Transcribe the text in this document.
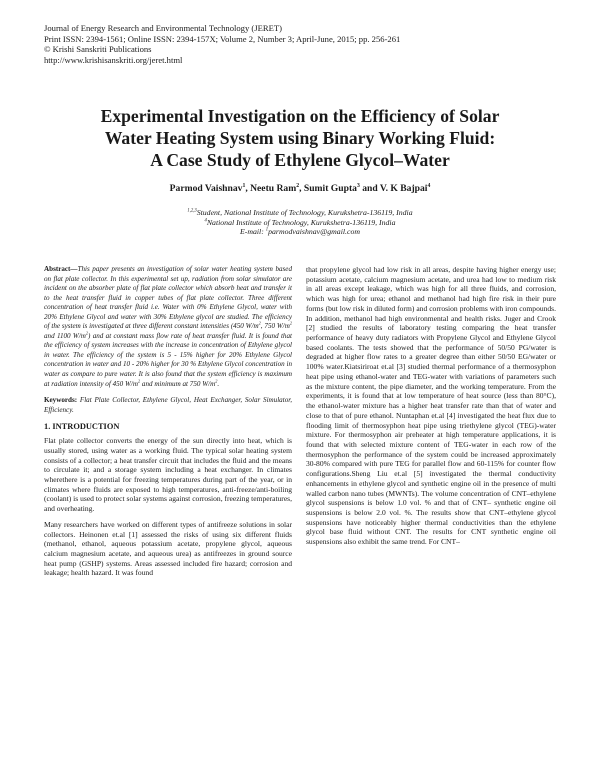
Journal of Energy Research and Environmental Technology (JERET)
Print ISSN: 2394-1561; Online ISSN: 2394-157X; Volume 2, Number 3; April-June, 2015; pp. 256-261
© Krishi Sanskriti Publications
http://www.krishisanskriti.org/jeret.html
Experimental Investigation on the Efficiency of Solar
Water Heating System using Binary Working Fluid:
A Case Study of Ethylene Glycol–Water
Parmod Vaishnav$^1$, Neetu Ram$^2$, Sumit Gupta$^3$ and V. K Bajpai$^4$
$^{1,2,3}$Student, National Institute of Technology, Kurukshetra-136119, India
$^4$National Institute of Technology, Kurukshetra-136119, India
E-mail: $^1$parmodvaishnav@gmail.com
Abstract—This paper presents an investigation of solar water heating system based on flat plate collector. In this experimental set up, radiation from solar simulator are incident on the absorber plate of flat plate collector which absorb heat and transfer it to the heat transfer fluid in copper tubes of flat plate collector. Three different concentration of heat transfer fluid i.e. Water with 0% Ethylene Glycol, water with 20% Ethylene Glycol and water with 30% Ethylene glycol are studied. The efficiency of the system is investigated at three different constant intensities (450 $W/m^2$, 750 $W/m^2$ and 1100 $W/m^2$) and at constant mass flow rate of heat transfer fluid. It is found that the efficiency of system increases with the increase in concentration of Ethylene glycol in water. The efficiency of the system is 5 - 15% higher for 20% Ethylene Glycol concentration in water and 10 - 20% higher for 30 % Ethylene Glycol concentration in water as compare to pure water. It is also found that the system efficiency is maximum at radiation intensity of 450 $W/m^2$ and minimum at 750 $W/m^2$.
Keywords: Flat Plate Collector, Ethylene Glycol, Heat Exchanger, Solar Simulator, Efficiency.
1. INTRODUCTION

Flat plate collector converts the energy of the sun directly into heat, which is usually stored, using water as a working fluid. The typical solar heating system consists of a collector; a heat transfer circuit that includes the fluid and the means to circulate it; and a storage system including a heat exchanger. In climates wherethere is a potential for freezing temperatures during part of the year, or in climates where fluids are exposed to high temperatures, anti-freeze/anti-boiling (coolant) is used to protect solar systems against corrosion, freezing temperatures, and overheating.

Many researchers have worked on different types of antifreeze solutions in solar collectors. Heinonen et.al [1] assessed the risks of using six different fluids (methanol, ethanol, aqueous potassium acetate, propylene glycol, aqueous calcium magnesium acetate, and aqueous urea) as antifreezes in ground source heat pump (GSHP) systems. Areas assessed included fire hazard; corrosion and leakage; health hazard. It was found

that propylene glycol had low risk in all areas, despite having higher energy use; potassium acetate, calcium magnesium acetate, and urea had low to medium risk in all areas except leakage, which was high for all three fluids, and corrosion, which was high for urea; ethanol and methanol had high fire risk in their pure forms (but low risk in diluted form) and corrosion problems with iron compounds. In addition, methanol had high environmental and health risks. Juger and Crook [2] studied the results of laboratory testing comparing the heat transfer performance of heavy duty radiators with Propylene Glycol and Ethylene Glycol based coolants. The tests showed that the performance of 50/50 PG/water is degraded at higher flow rates to a greater degree than either 50/50 EG/water or 100% water.Kiatsiriroat et.al [3] studied thermal performance of a thermosyphon heat pipe using ethanol-water and TEG-water with variations of parameters such as the mixture content, the pipe diameter, and the working temperature. From the experiments, it is found that at low temperature of heat source (less than 80°C), the ethanol-water mixture has a higher heat transfer rate than that of water and close to that of pure ethanol. Nuntaphan et.al [4] investigated the heat flux due to flooding limit of thermosyphon heat pipe using triethylene glycol (TEG)-water mixture. For thermosyphon air preheater at high temperature applications, it is found that with selected mixture content of TEG-water in each row of the thermosyphon the performance of the system could be increased approximately 30-80% compared with pure TEG for parallel flow and 60-115% for counter flow configurations.Sheng Liu et.al [5] investigated the thermal conductivity enhancements in ethylene glycol and synthetic engine oil in the presence of multi walled carbon nano tubes (MWNTs). The volume concentration of CNT–ethylene glycol suspensions is below 1.0 vol. % and that of CNT– synthetic engine oil suspensions is below 2.0 vol. %. The results show that CNT–ethylene glycol suspensions have noticeably higher thermal conductivities than the ethylene glycol base fluid without CNT. The results for CNT synthetic engine oil suspensions also exhibit the same trend. For CNT–
